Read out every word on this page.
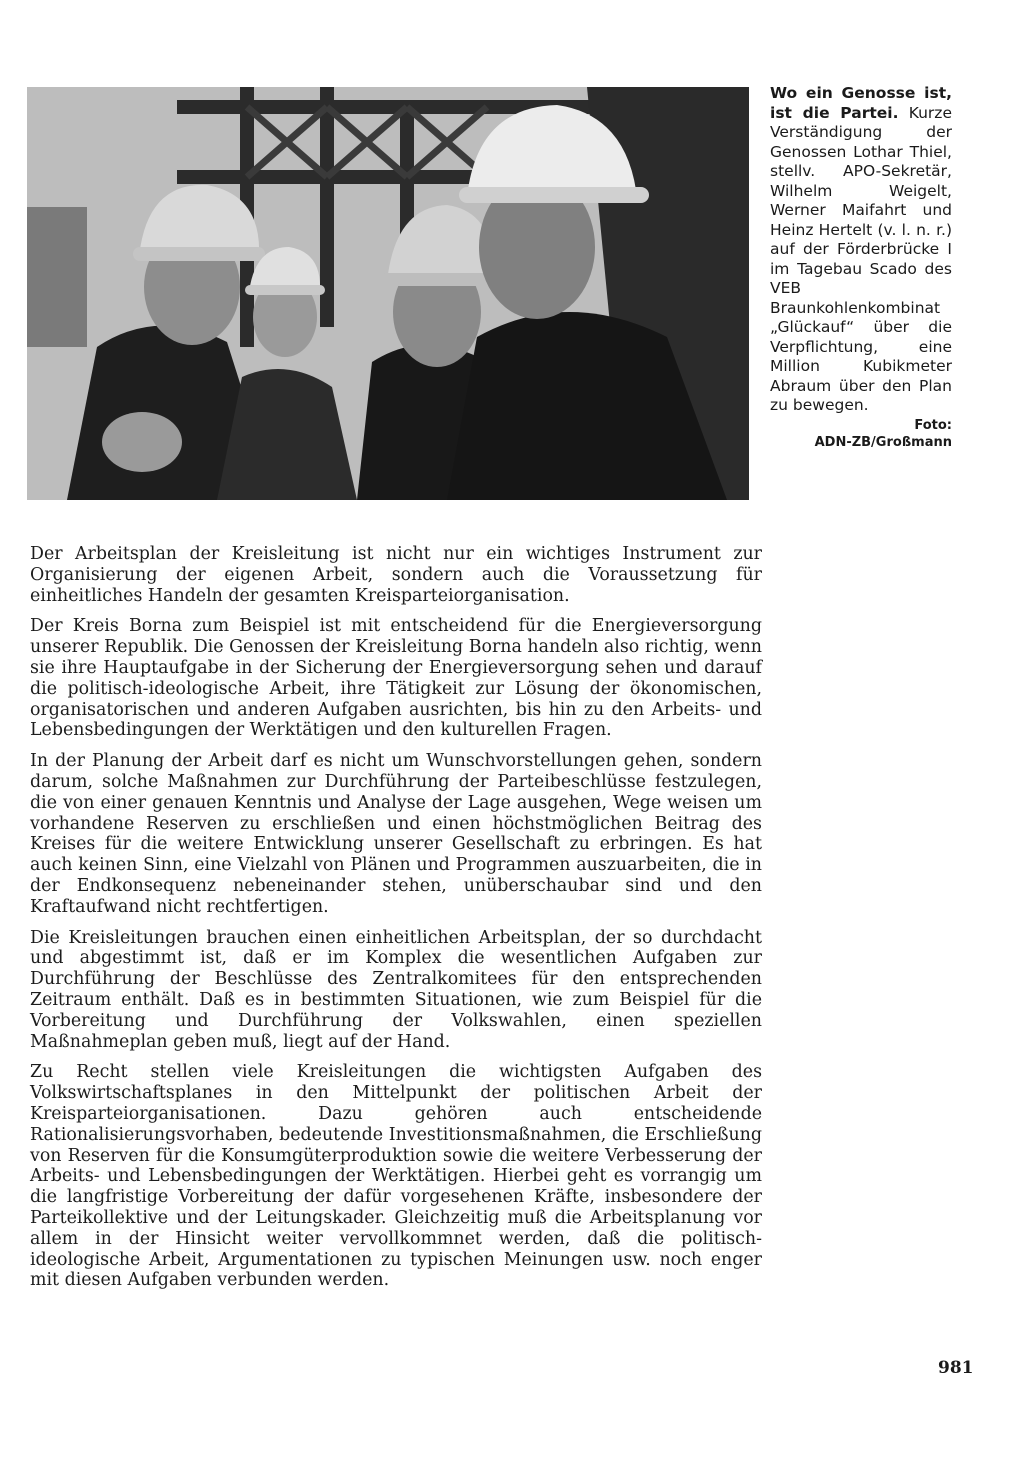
Wo ein Genosse ist, ist die Partei. Kurze Verständigung der Genossen Lothar Thiel, stellv. APO-Sekretär, Wilhelm Weigelt, Werner Maifahrt und Heinz Hertelt (v. l. n. r.) auf der Förderbrücke I im Tagebau Scado des VEB Braunkohlenkombinat „Glückauf“ über die Verpflichtung, eine Million Kubikmeter Abraum über den Plan zu bewegen.
Foto:
ADN-ZB/Großmann

Der Arbeitsplan der Kreisleitung ist nicht nur ein wichtiges Instrument zur Organisierung der eigenen Arbeit, sondern auch die Voraussetzung für einheitliches Handeln der gesamten Kreisparteiorganisation.

Der Kreis Borna zum Beispiel ist mit entscheidend für die Energieversorgung unserer Republik. Die Genossen der Kreisleitung Borna handeln also richtig, wenn sie ihre Hauptaufgabe in der Sicherung der Energieversorgung sehen und darauf die politisch-ideologische Arbeit, ihre Tätigkeit zur Lösung der ökonomischen, organisatorischen und anderen Aufgaben ausrichten, bis hin zu den Arbeits- und Lebensbedingungen der Werktätigen und den kulturellen Fragen.

In der Planung der Arbeit darf es nicht um Wunschvorstellungen gehen, sondern darum, solche Maßnahmen zur Durchführung der Parteibeschlüsse festzulegen, die von einer genauen Kenntnis und Analyse der Lage ausgehen, Wege weisen um vorhandene Reserven zu erschließen und einen höchstmöglichen Beitrag des Kreises für die weitere Entwicklung unserer Gesellschaft zu erbringen. Es hat auch keinen Sinn, eine Vielzahl von Plänen und Programmen auszuarbeiten, die in der Endkonsequenz nebeneinander stehen, unüberschaubar sind und den Kraftaufwand nicht rechtfertigen.

Die Kreisleitungen brauchen einen einheitlichen Arbeitsplan, der so durchdacht und abgestimmt ist, daß er im Komplex die wesentlichen Aufgaben zur Durchführung der Beschlüsse des Zentralkomitees für den entsprechenden Zeitraum enthält. Daß es in bestimmten Situationen, wie zum Beispiel für die Vorbereitung und Durchführung der Volkswahlen, einen speziellen Maßnahmeplan geben muß, liegt auf der Hand.

Zu Recht stellen viele Kreisleitungen die wichtigsten Aufgaben des Volkswirtschaftsplanes in den Mittelpunkt der politischen Arbeit der Kreisparteiorganisationen. Dazu gehören auch entscheidende Rationalisierungsvorhaben, bedeutende Investitionsmaßnahmen, die Erschließung von Reserven für die Konsumgüterproduktion sowie die weitere Verbesserung der Arbeits- und Lebensbedingungen der Werktätigen. Hierbei geht es vorrangig um die langfristige Vorbereitung der dafür vorgesehenen Kräfte, insbesondere der Parteikollektive und der Leitungskader. Gleichzeitig muß die Arbeitsplanung vor allem in der Hinsicht weiter vervollkommnet werden, daß die politisch-ideologische Arbeit, Argumentationen zu typischen Meinungen usw. noch enger mit diesen Aufgaben verbunden werden.

981
